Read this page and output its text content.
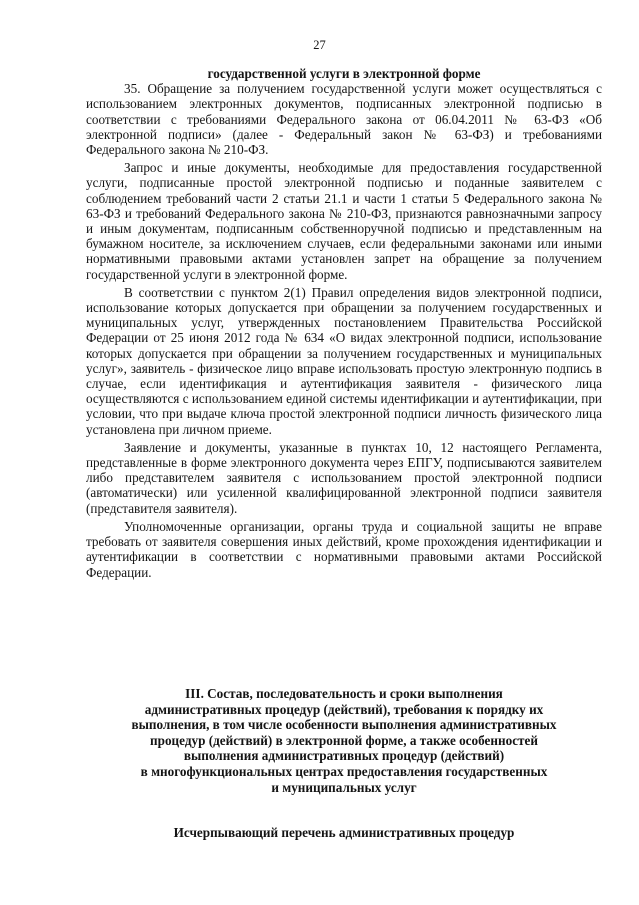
27
государственной услуги в электронной форме

35. Обращение за получением государственной услуги может осуществляться с использованием электронных документов, подписанных электронной подписью в соответствии с требованиями Федерального закона от 06.04.2011 № 63-ФЗ «Об электронной подписи» (далее - Федеральный закон № 63-ФЗ) и требованиями Федерального закона № 210-ФЗ.

Запрос и иные документы, необходимые для предоставления государственной услуги, подписанные простой электронной подписью и поданные заявителем с соблюдением требований части 2 статьи 21.1 и части 1 статьи 5 Федерального закона № 63-ФЗ и требований Федерального закона № 210-ФЗ, признаются равнозначными запросу и иным документам, подписанным собственноручной подписью и представленным на бумажном носителе, за исключением случаев, если федеральными законами или иными нормативными правовыми актами установлен запрет на обращение за получением государственной услуги в электронной форме.

В соответствии с пунктом 2(1) Правил определения видов электронной подписи, использование которых допускается при обращении за получением государственных и муниципальных услуг, утвержденных постановлением Правительства Российской Федерации от 25 июня 2012 года № 634 «О видах электронной подписи, использование которых допускается при обращении за получением государственных и муниципальных услуг», заявитель - физическое лицо вправе использовать простую электронную подпись в случае, если идентификация и аутентификация заявителя - физического лица осуществляются с использованием единой системы идентификации и аутентификации, при условии, что при выдаче ключа простой электронной подписи личность физического лица установлена при личном приеме.

Заявление и документы, указанные в пунктах 10, 12 настоящего Регламента, представленные в форме электронного документа через ЕПГУ, подписываются заявителем либо представителем заявителя с использованием простой электронной подписи (автоматически) или усиленной квалифицированной электронной подписи заявителя (представителя заявителя).

Уполномоченные организации, органы труда и социальной защиты не вправе требовать от заявителя совершения иных действий, кроме прохождения идентификации и аутентификации в соответствии с нормативными правовыми актами Российской Федерации.

III. Состав, последовательность и сроки выполнения
административных процедур (действий), требования к порядку их
выполнения, в том числе особенности выполнения административных
процедур (действий) в электронной форме, а также особенностей
выполнения административных процедур (действий)
в многофункциональных центрах предоставления государственных
и муниципальных услуг
Исчерпывающий перечень административных процедур
